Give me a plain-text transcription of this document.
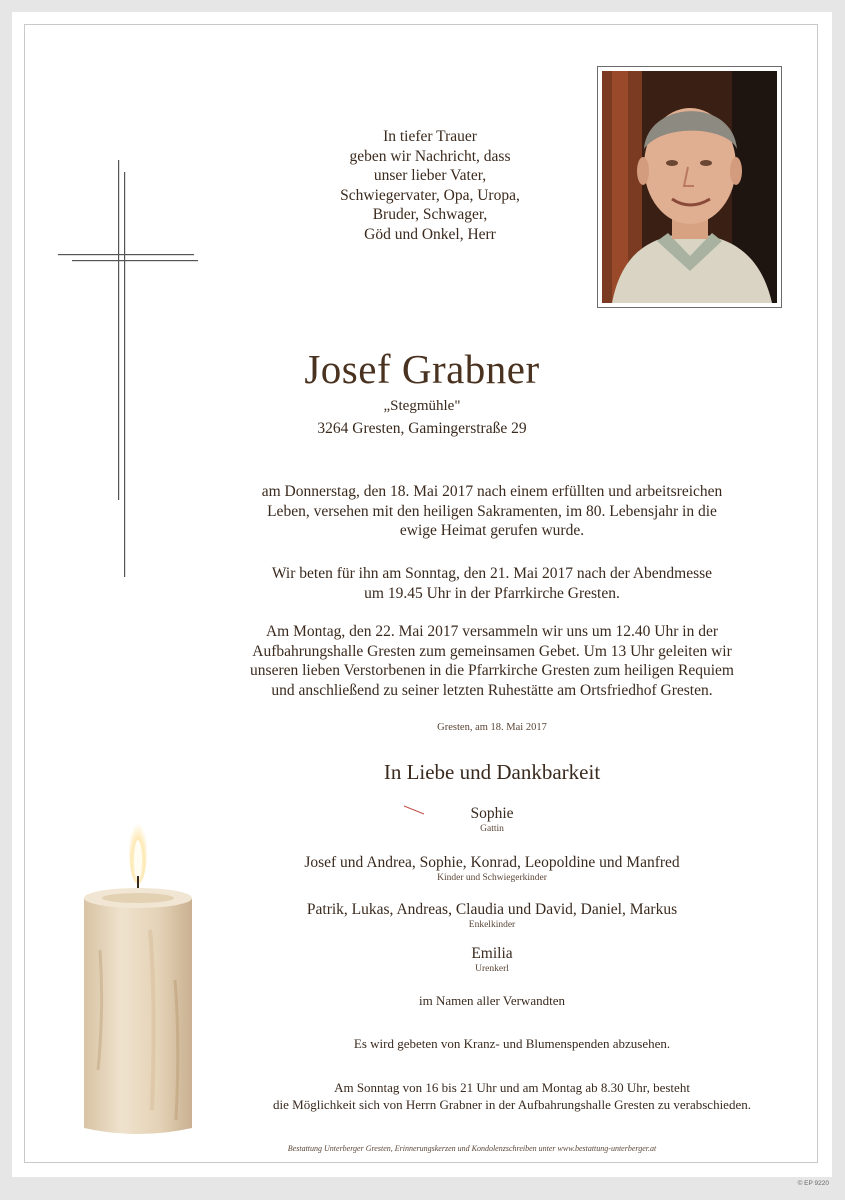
In tiefer Trauer
geben wir Nachricht, dass
unser lieber Vater,
Schwiegervater, Opa, Uropa,
Bruder, Schwager,
Göd und Onkel, Herr
Josef Grabner
„Stegmühle"
3264 Gresten, Gamingerstraße 29
am Donnerstag, den 18. Mai 2017 nach einem erfüllten und arbeitsreichen
Leben, versehen mit den heiligen Sakramenten, im 80. Lebensjahr in die
ewige Heimat gerufen wurde.
Wir beten für ihn am Sonntag, den 21. Mai 2017 nach der Abendmesse
um 19.45 Uhr in der Pfarrkirche Gresten.
Am Montag, den 22. Mai 2017 versammeln wir uns um 12.40 Uhr in der
Aufbahrungshalle Gresten zum gemeinsamen Gebet. Um 13 Uhr geleiten wir
unseren lieben Verstorbenen in die Pfarrkirche Gresten zum heiligen Requiem
und anschließend zu seiner letzten Ruhestätte am Ortsfriedhof Gresten.
Gresten, am 18. Mai 2017
In Liebe und Dankbarkeit
Sophie
Gattin
Josef und Andrea, Sophie, Konrad, Leopoldine und Manfred
Kinder und Schwiegerkinder
Patrik, Lukas, Andreas, Claudia und David, Daniel, Markus
Enkelkinder
Emilia
Urenkerl
im Namen aller Verwandten
Es wird gebeten von Kranz- und Blumenspenden abzusehen.
Am Sonntag von 16 bis 21 Uhr und am Montag ab 8.30 Uhr, besteht
die Möglichkeit sich von Herrn Grabner in der Aufbahrungshalle Gresten zu verabschieden.
Bestattung Unterberger Gresten, Erinnerungskerzen und Kondolenzschreiben unter www.bestattung-unterberger.at
© EP 9220
